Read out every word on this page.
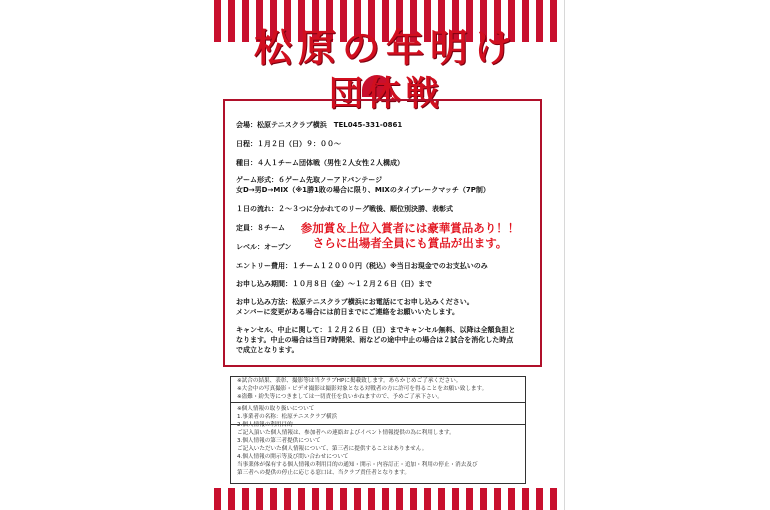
松原の年明け
団体戦
会場：松原テニスクラブ横浜　TEL045-331-0861
日程：１月２日（日）９：００～
種目：４人１チーム団体戦（男性２人女性２人構成）
ゲーム形式：６ゲーム先取ノーアドバンテージ
女D→男D→MIX（※1勝1敗の場合に限り、MIXのタイブレークマッチ（7P制）
１日の流れ：２～３つに分かれてのリーグ戦後、順位別決勝、表彰式
定員：８チーム
レベル：オープン
参加賞＆上位入賞者には豪華賞品あり！！
さらに出場者全員にも賞品が出ます。
エントリー費用：１チーム１２０００円（税込）※当日お現金でのお支払いのみ
お申し込み期間：１０月８日（金）～１２月２６日（日）まで
お申し込み方法：松原テニスクラブ横浜にお電話にてお申し込みください。
メンバーに変更がある場合には前日までにご連絡をお願いいたします。
キャンセル、中止に関して：１２月２６日（日）までキャンセル無料、以降は全額負担と
なります。中止の場合は当日7時開栄、雨などの途中中止の場合は２試合を消化した時点
で成立となります。
※試合の結果、表彰、撮影等は当クラブHPに掲載致します。あらかじめご了承ください。
※大会中の写真撮影・ビデオ撮影は撮影対象となる対戦者の方に許可を得ることをお願い致します。
※盗難・紛失等につきましては一切責任を負いかねますので、予めご了承下さい。
※個人情報の取り扱いについて
1.事業者の名称：松原テニスクラブ横浜
2.個人情報の利用目的
ご記入頂いた個人情報は、参加者への連絡およびイベント情報提供の為に利用します。
3.個人情報の第三者提供について
ご記入いただいた個人情報について、第三者に提供することはありません。
4.個人情報の開示等及び問い合わせについて
当事業体が保有する個人情報の利用目的の通知・開示・内容訂正・追加・利用の停止・消去及び
第三者への提供の停止に応じる窓口は、当クラブ責任者となります。
